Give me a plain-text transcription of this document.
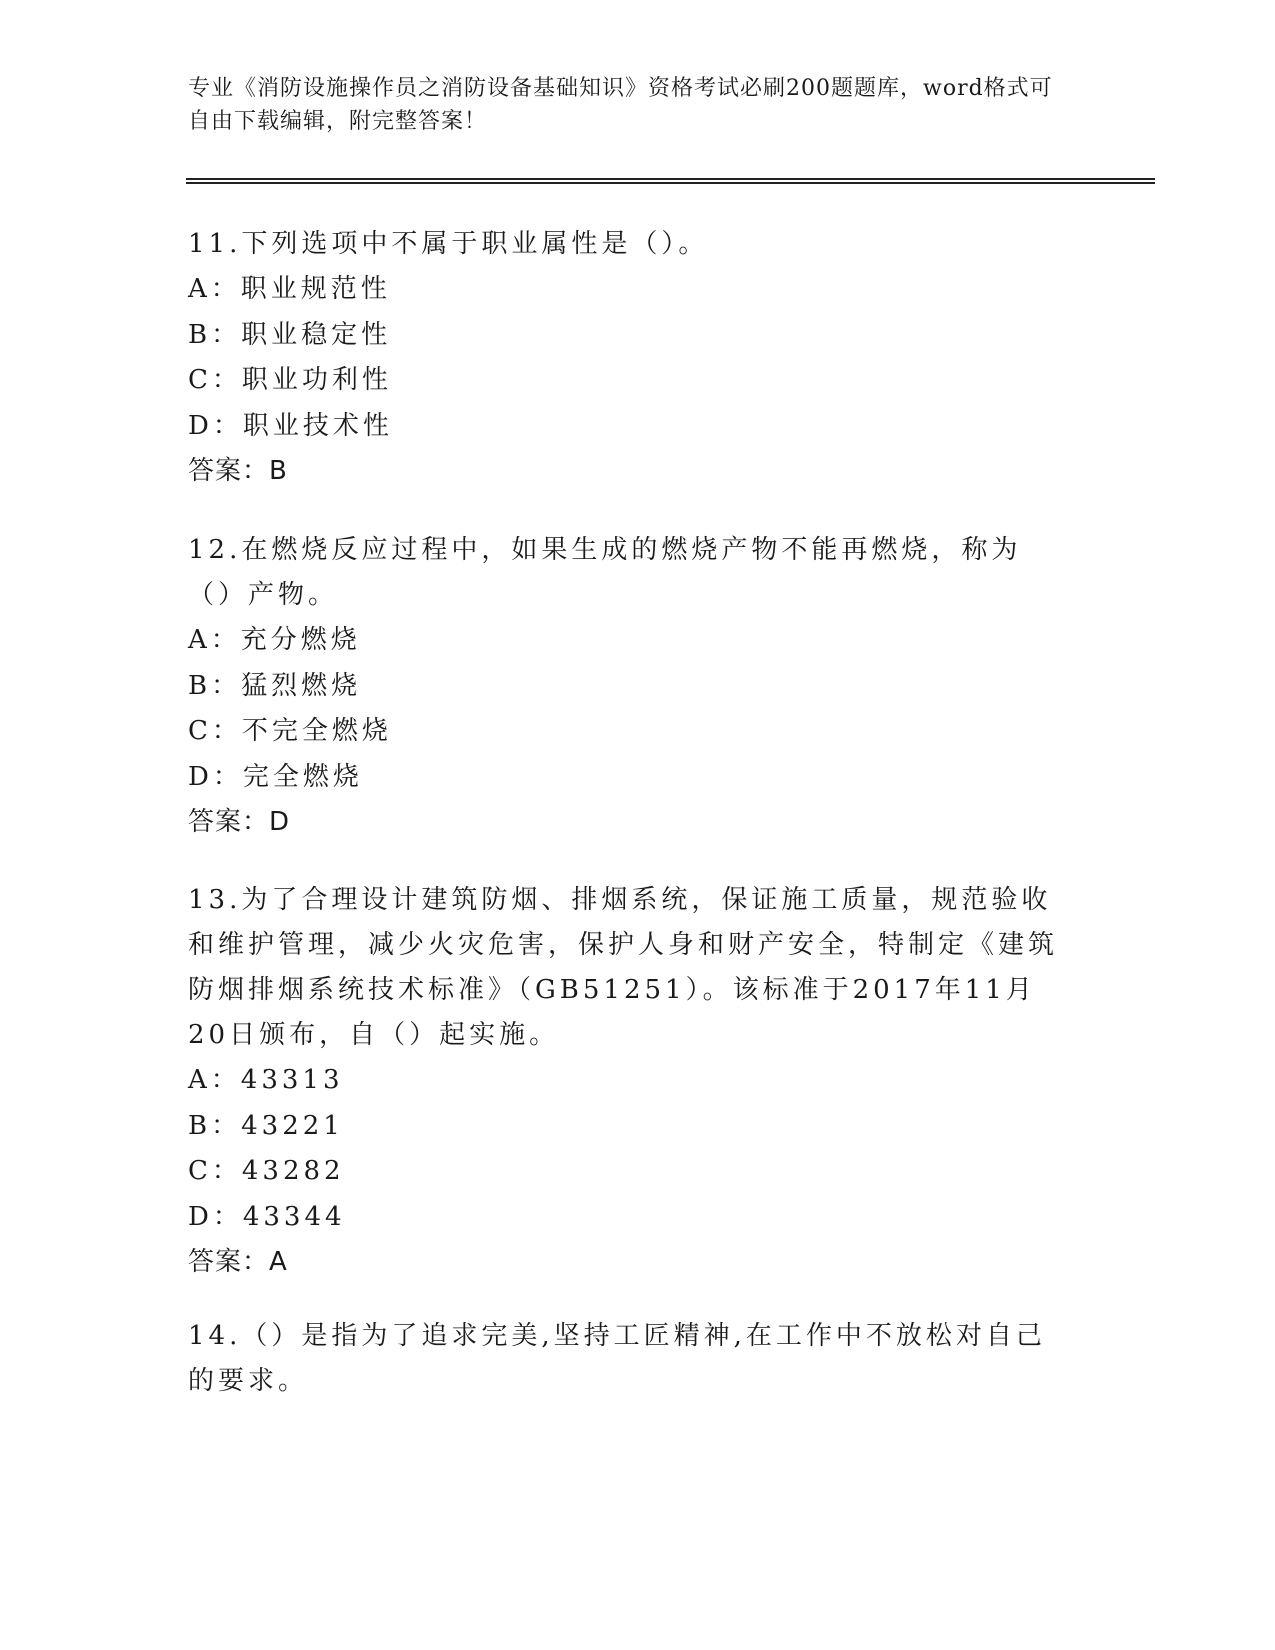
专业《消防设施操作员之消防设备基础知识》资格考试必刷200题题库，word格式可自由下载编辑，附完整答案！
11.下列选项中不属于职业属性是（）。
A：职业规范性
B：职业稳定性
C：职业功利性
D：职业技术性
答案：B
12.在燃烧反应过程中，如果生成的燃烧产物不能再燃烧，称为（）产物。
A：充分燃烧
B：猛烈燃烧
C：不完全燃烧
D：完全燃烧
答案：D
13.为了合理设计建筑防烟、排烟系统，保证施工质量，规范验收和维护管理，减少火灾危害，保护人身和财产安全，特制定《建筑防烟排烟系统技术标准》（GB51251）。该标准于2017年11月20日颁布，自（）起实施。
A：43313
B：43221
C：43282
D：43344
答案：A
14.（）是指为了追求完美,坚持工匠精神,在工作中不放松对自己的要求。
